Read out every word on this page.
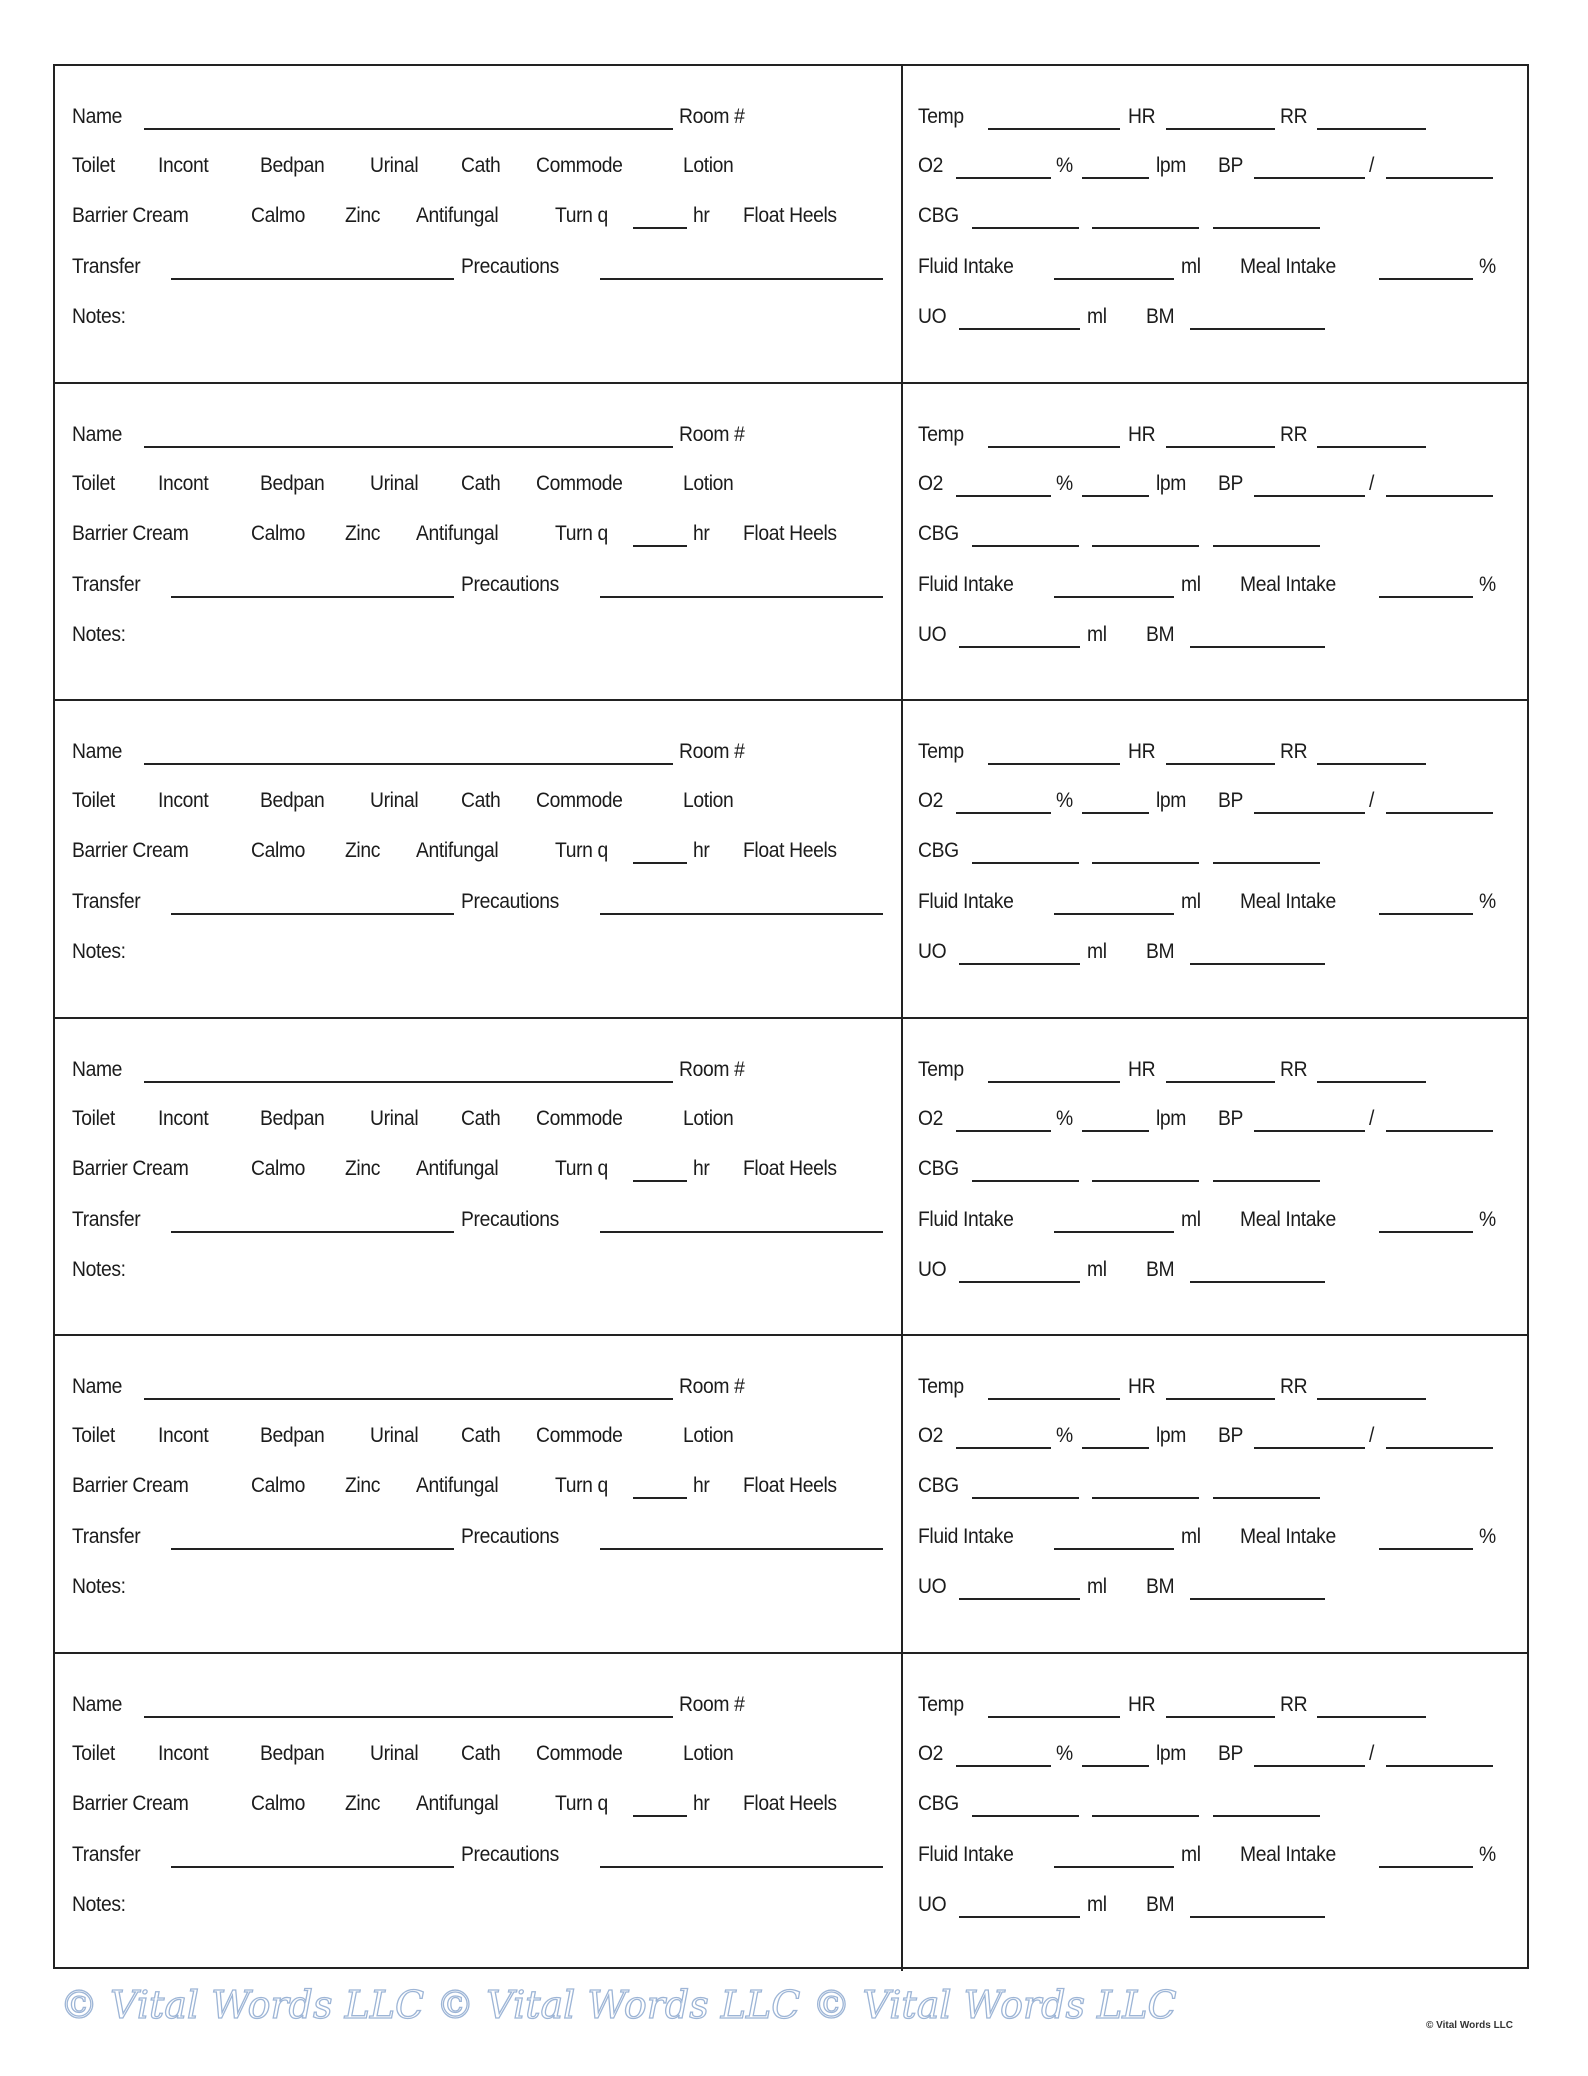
Name	Room #
Toilet Incont Bedpan Urinal Cath Commode	Lotion
Barrier Cream	Calmo Zinc Antifungal	Turn q	hr Float Heels
Transfer	Precautions
Notes:
Temp	HR	RR
O2	%	lpm BP	/
CBG
Fluid Intake	ml Meal Intake	%
UO	ml BM
Name	Room #
Toilet Incont Bedpan Urinal Cath Commode	Lotion
Barrier Cream	Calmo Zinc Antifungal	Turn q	hr Float Heels
Transfer	Precautions
Notes:
Temp	HR	RR
O2	%	lpm BP	/
CBG
Fluid Intake	ml Meal Intake	%
UO	ml BM
Name	Room #
Toilet Incont Bedpan Urinal Cath Commode	Lotion
Barrier Cream	Calmo Zinc Antifungal	Turn q	hr Float Heels
Transfer	Precautions
Notes:
Temp	HR	RR
O2	%	lpm BP	/
CBG
Fluid Intake	ml Meal Intake	%
UO	ml BM
Name	Room #
Toilet Incont Bedpan Urinal Cath Commode	Lotion
Barrier Cream	Calmo Zinc Antifungal	Turn q	hr Float Heels
Transfer	Precautions
Notes:
Temp	HR	RR
O2	%	lpm BP	/
CBG
Fluid Intake	ml Meal Intake	%
UO	ml BM
Name	Room #
Toilet Incont Bedpan Urinal Cath Commode	Lotion
Barrier Cream	Calmo Zinc Antifungal	Turn q	hr Float Heels
Transfer	Precautions
Notes:
Temp	HR	RR
O2	%	lpm BP	/
CBG
Fluid Intake	ml Meal Intake	%
UO	ml BM
Name	Room #
Toilet Incont Bedpan Urinal Cath Commode	Lotion
Barrier Cream	Calmo Zinc Antifungal	Turn q	hr Float Heels
Transfer	Precautions
Notes:
Temp	HR	RR
O2	%	lpm BP	/
CBG
Fluid Intake	ml Meal Intake	%
UO	ml BM
© Vital Words LLC © Vital Words LLC © Vital Words LLC	© Vital Words LLC
